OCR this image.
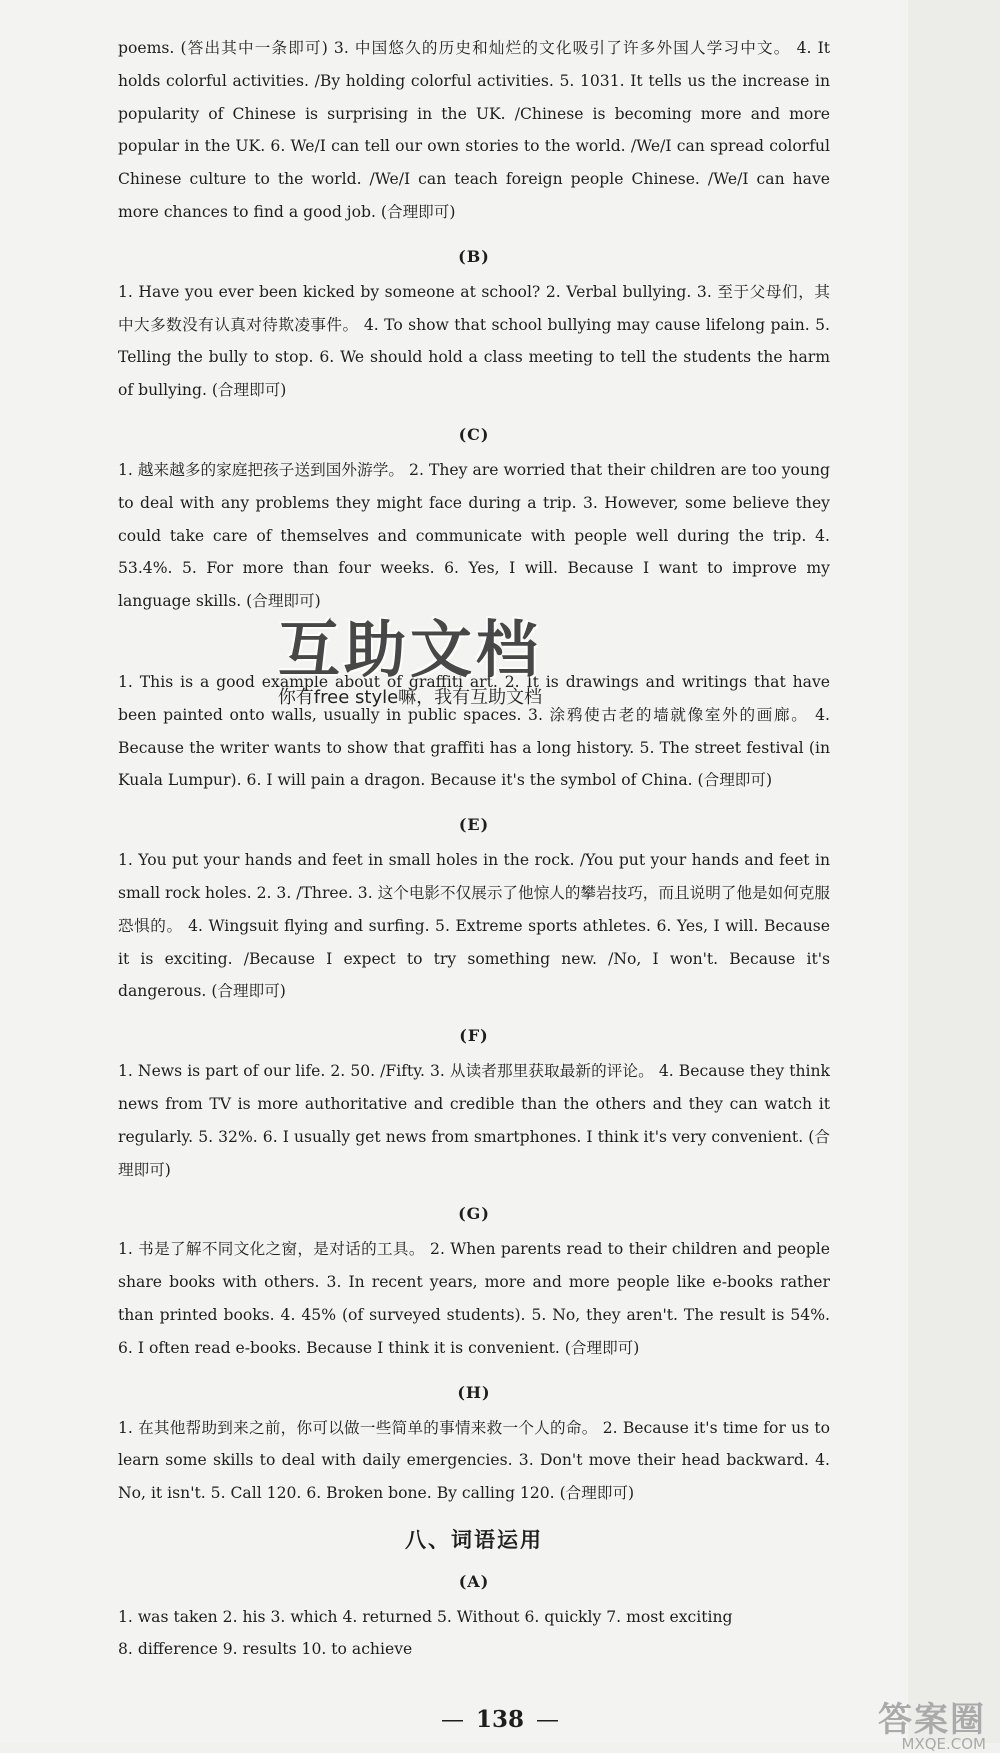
poems. (答出其中一条即可) 3. 中国悠久的历史和灿烂的文化吸引了许多外国人学习中文。 4. It holds colorful activities. /By holding colorful activities. 5. 1031. It tells us the increase in popularity of Chinese is surprising in the UK. /Chinese is becoming more and more popular in the UK. 6. We/I can tell our own stories to the world. /We/I can spread colorful Chinese culture to the world. /We/I can teach foreign people Chinese. /We/I can have more chances to find a good job. (合理即可)

(B)

1. Have you ever been kicked by someone at school? 2. Verbal bullying. 3. 至于父母们，其中大多数没有认真对待欺凌事件。 4. To show that school bullying may cause lifelong pain. 5. Telling the bully to stop. 6. We should hold a class meeting to tell the students the harm of bullying. (合理即可)

(C)

1. 越来越多的家庭把孩子送到国外游学。 2. They are worried that their children are too young to deal with any problems they might face during a trip. 3. However, some believe they could take care of themselves and communicate with people well during the trip. 4. 53.4%. 5. For more than four weeks. 6. Yes, I will. Because I want to improve my language skills. (合理即可)

1. This is a good example about of graffiti art. 2. It is drawings and writings that have been painted onto walls, usually in public spaces. 3. 涂鸦使古老的墙就像室外的画廊。 4. Because the writer wants to show that graffiti has a long history. 5. The street festival (in Kuala Lumpur). 6. I will pain a dragon. Because it's the symbol of China. (合理即可)

(E)

1. You put your hands and feet in small holes in the rock. /You put your hands and feet in small rock holes. 2. 3. /Three. 3. 这个电影不仅展示了他惊人的攀岩技巧，而且说明了他是如何克服恐惧的。 4. Wingsuit flying and surfing. 5. Extreme sports athletes. 6. Yes, I will. Because it is exciting. /Because I expect to try something new. /No, I won't. Because it's dangerous. (合理即可)

(F)

1. News is part of our life. 2. 50. /Fifty. 3. 从读者那里获取最新的评论。 4. Because they think news from TV is more authoritative and credible than the others and they can watch it regularly. 5. 32%. 6. I usually get news from smartphones. I think it's very convenient. (合理即可)

(G)

1. 书是了解不同文化之窗，是对话的工具。 2. When parents read to their children and people share books with others. 3. In recent years, more and more people like e-books rather than printed books. 4. 45% (of surveyed students). 5. No, they aren't. The result is 54%. 6. I often read e-books. Because I think it is convenient. (合理即可)

(H)

1. 在其他帮助到来之前，你可以做一些简单的事情来救一个人的命。 2. Because it's time for us to learn some skills to deal with daily emergencies. 3. Don't move their head backward. 4. No, it isn't. 5. Call 120. 6. Broken bone. By calling 120. (合理即可)

八、词语运用
(A)
1. was taken 2. his 3. which 4. returned 5. Without 6. quickly 7. most exciting
8. difference 9. results 10. to achieve
互助文档
你有free style嘛，我有互助文档
— 138 —	答案圈
MXQE.COM
